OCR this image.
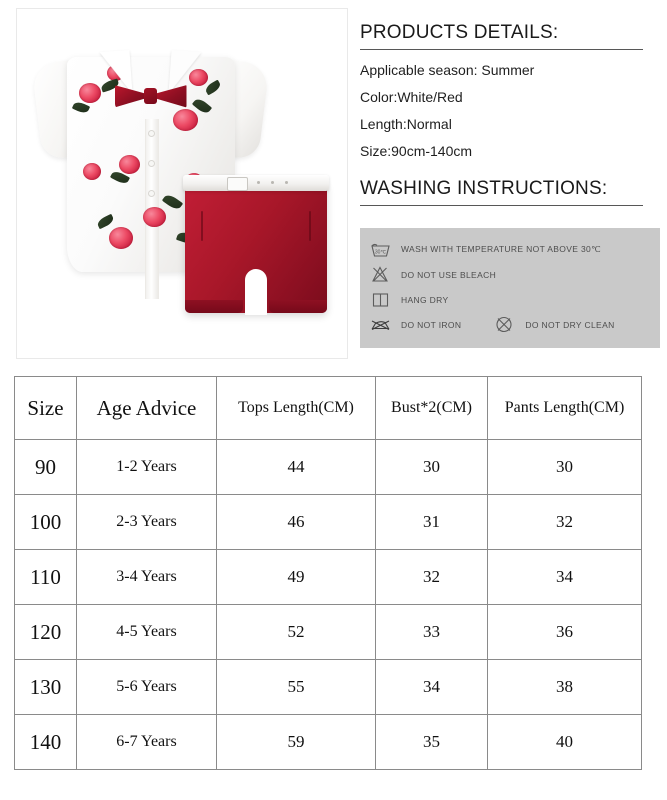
PRODUCTS DETAILS:
Applicable season: Summer
Color:White/Red
Length:Normal
Size:90cm-140cm
WASHING INSTRUCTIONS:
30℃ WASH WITH TEMPERATURE NOT ABOVE 30℃
DO NOT USE BLEACH
HANG DRY
DO NOT IRON	DO NOT DRY CLEAN
Size	Age Advice	Tops Length(CM)	Bust*2(CM)	Pants Length(CM)
90	1-2 Years	44	30	30
100	2-3 Years	46	31	32
110	3-4 Years	49	32	34
120	4-5 Years	52	33	36
130	5-6 Years	55	34	38
140	6-7 Years	59	35	40
